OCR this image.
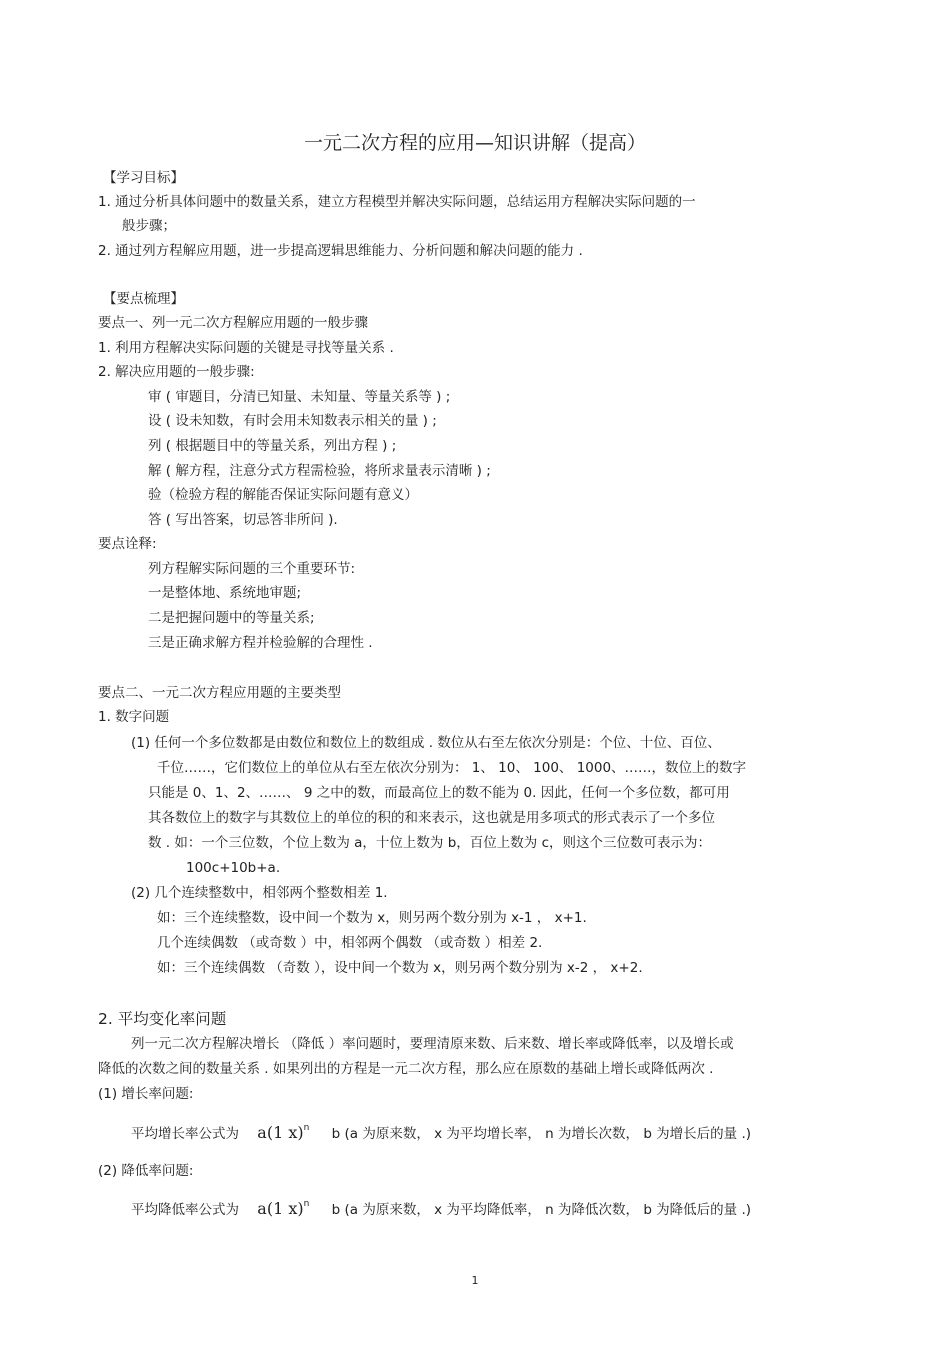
一元二次方程的应用—知识讲解（提高）
【学习目标】
1. 通过分析具体问题中的数量关系，建立方程模型并解决实际问题，总结运用方程解决实际问题的一
般步骤；
2. 通过列方程解应用题，进一步提高逻辑思维能力、分析问题和解决问题的能力 .
【要点梳理】
要点一、列一元二次方程解应用题的一般步骤
1. 利用方程解决实际问题的关键是寻找等量关系 .
2. 解决应用题的一般步骤:
审 ( 审题目，分清已知量、未知量、等量关系等 ) ;
设 ( 设未知数，有时会用未知数表示相关的量 ) ;
列 ( 根据题目中的等量关系，列出方程 ) ;
解 ( 解方程，注意分式方程需检验，将所求量表示清晰 ) ;
验（检验方程的解能否保证实际问题有意义）
答 ( 写出答案，切忌答非所问 ).
要点诠释:
列方程解实际问题的三个重要环节:
一是整体地、系统地审题;
二是把握问题中的等量关系;
三是正确求解方程并检验解的合理性 .
要点二、一元二次方程应用题的主要类型
1. 数字问题
(1) 任何一个多位数都是由数位和数位上的数组成 . 数位从右至左依次分别是：个位、十位、百位、
千位……，它们数位上的单位从右至左依次分别为： 1、 10、 100、 1000、……，数位上的数字
只能是 0、1、2、……、 9 之中的数，而最高位上的数不能为 0. 因此，任何一个多位数，都可用
其各数位上的数字与其数位上的单位的积的和来表示，这也就是用多项式的形式表示了一个多位
数 . 如：一个三位数，个位上数为 a，十位上数为 b，百位上数为 c，则这个三位数可表示为：
100c+10b+a.
(2) 几个连续整数中，相邻两个整数相差 1.
如：三个连续整数，设中间一个数为 x，则另两个数分别为 x-1 ， x+1.
几个连续偶数 （或奇数 ）中，相邻两个偶数 （或奇数 ）相差 2.
如：三个连续偶数 （奇数 ），设中间一个数为 x，则另两个数分别为 x-2 ， x+2.
2. 平均变化率问题
列一元二次方程解决增长 （降低 ）率问题时，要理清原来数、后来数、增长率或降低率，以及增长或
降低的次数之间的数量关系 . 如果列出的方程是一元二次方程，那么应在原数的基础上增长或降低两次 .
(1) 增长率问题:
平均增长率公式为 a(1 x)$^n$ b (a 为原来数， x 为平均增长率， n 为增长次数， b 为增长后的量 .)
(2) 降低率问题:
平均降低率公式为 a(1 x)$^n$ b (a 为原来数， x 为平均降低率， n 为降低次数， b 为降低后的量 .)
1
